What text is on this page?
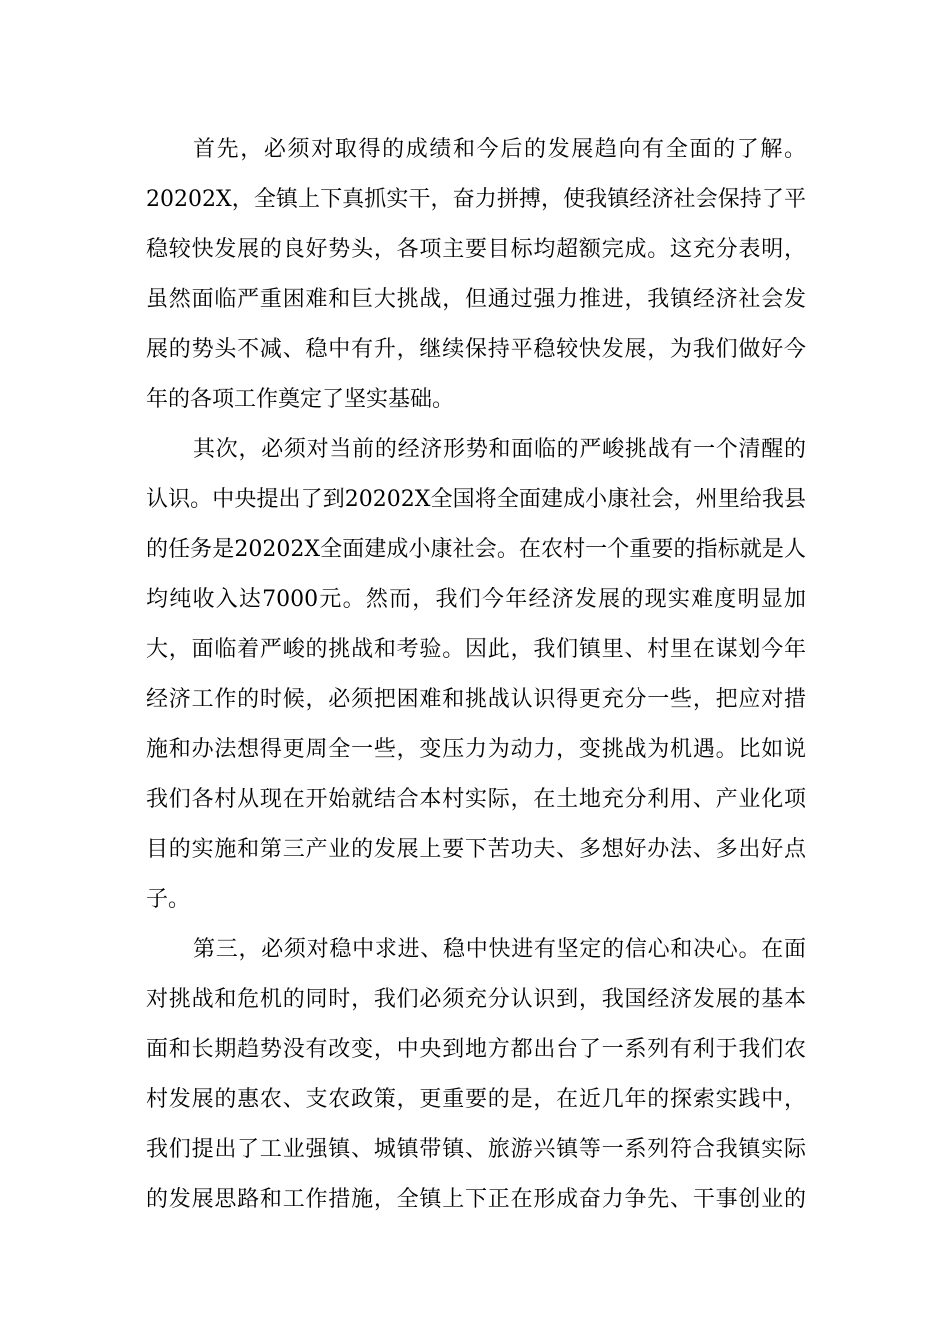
首先，必须对取得的成绩和今后的发展趋向有全面的了解。
20202X，全镇上下真抓实干，奋力拼搏，使我镇经济社会保持了平
稳较快发展的良好势头，各项主要目标均超额完成。这充分表明，
虽然面临严重困难和巨大挑战，但通过强力推进，我镇经济社会发
展的势头不减、稳中有升，继续保持平稳较快发展，为我们做好今
年的各项工作奠定了坚实基础。
其次，必须对当前的经济形势和面临的严峻挑战有一个清醒的
认识。中央提出了到20202X全国将全面建成小康社会，州里给我县
的任务是20202X全面建成小康社会。在农村一个重要的指标就是人
均纯收入达7000元。然而，我们今年经济发展的现实难度明显加
大，面临着严峻的挑战和考验。因此，我们镇里、村里在谋划今年
经济工作的时候，必须把困难和挑战认识得更充分一些，把应对措
施和办法想得更周全一些，变压力为动力，变挑战为机遇。比如说
我们各村从现在开始就结合本村实际，在土地充分利用、产业化项
目的实施和第三产业的发展上要下苦功夫、多想好办法、多出好点
子。
第三，必须对稳中求进、稳中快进有坚定的信心和决心。在面
对挑战和危机的同时，我们必须充分认识到，我国经济发展的基本
面和长期趋势没有改变，中央到地方都出台了一系列有利于我们农
村发展的惠农、支农政策，更重要的是，在近几年的探索实践中，
我们提出了工业强镇、城镇带镇、旅游兴镇等一系列符合我镇实际
的发展思路和工作措施，全镇上下正在形成奋力争先、干事创业的
